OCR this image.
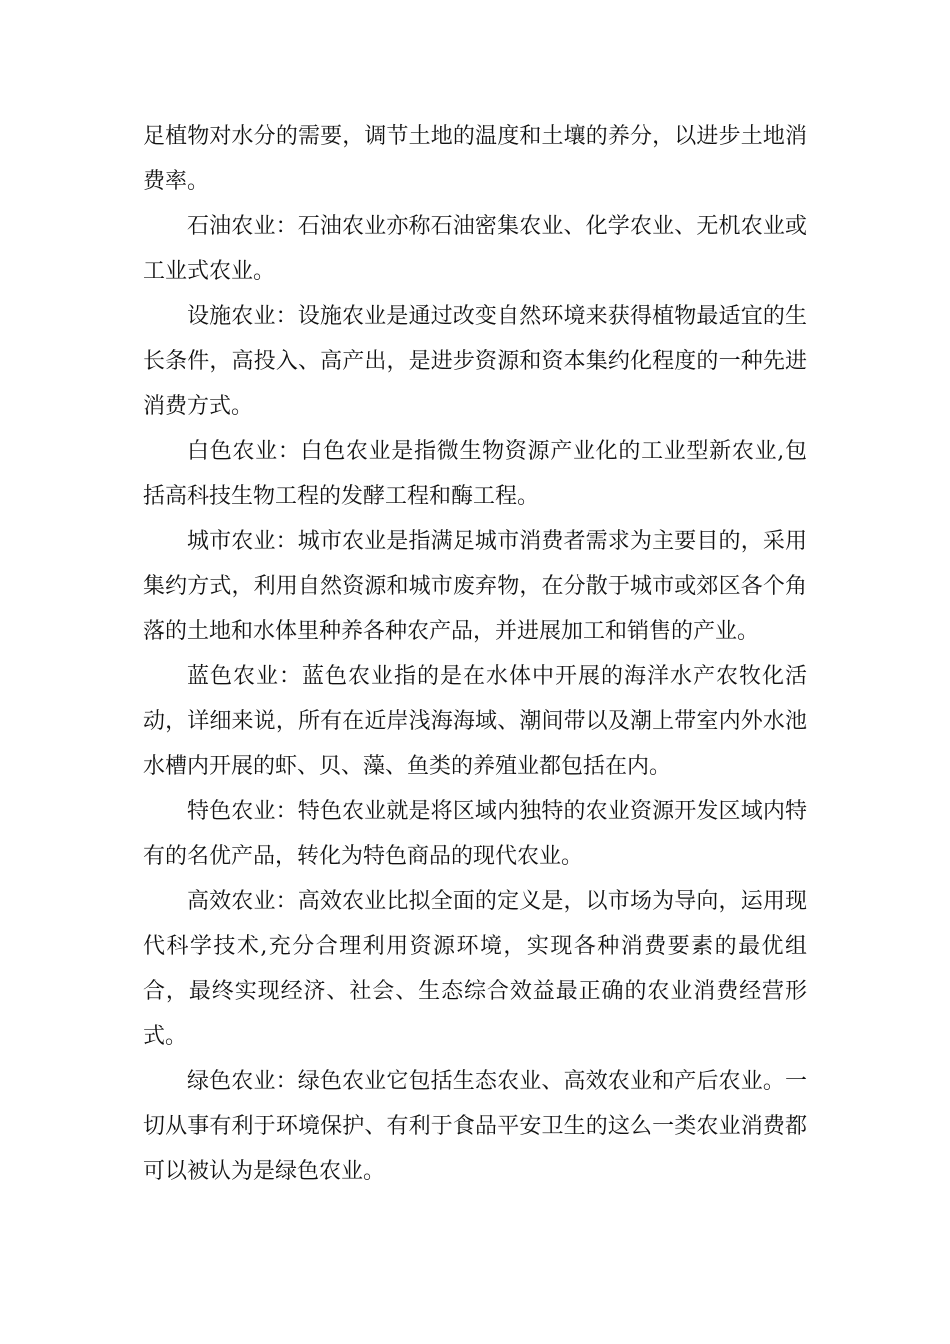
足植物对水分的需要，调节土地的温度和土壤的养分，以进步土地消费率。

石油农业：石油农业亦称石油密集农业、化学农业、无机农业或工业式农业。

设施农业：设施农业是通过改变自然环境来获得植物最适宜的生长条件，高投入、高产出，是进步资源和资本集约化程度的一种先进消费方式。

白色农业：白色农业是指微生物资源产业化的工业型新农业,包括高科技生物工程的发酵工程和酶工程。

城市农业：城市农业是指满足城市消费者需求为主要目的，采用集约方式，利用自然资源和城市废弃物，在分散于城市或郊区各个角落的土地和水体里种养各种农产品，并进展加工和销售的产业。

蓝色农业：蓝色农业指的是在水体中开展的海洋水产农牧化活动，详细来说，所有在近岸浅海海域、潮间带以及潮上带室内外水池水槽内开展的虾、贝、藻、鱼类的养殖业都包括在内。

特色农业：特色农业就是将区域内独特的农业资源开发区域内特有的名优产品，转化为特色商品的现代农业。

高效农业：高效农业比拟全面的定义是，以市场为导向，运用现代科学技术,充分合理利用资源环境，实现各种消费要素的最优组合，最终实现经济、社会、生态综合效益最正确的农业消费经营形式。

绿色农业：绿色农业它包括生态农业、高效农业和产后农业。一切从事有利于环境保护、有利于食品平安卫生的这么一类农业消费都可以被认为是绿色农业。
